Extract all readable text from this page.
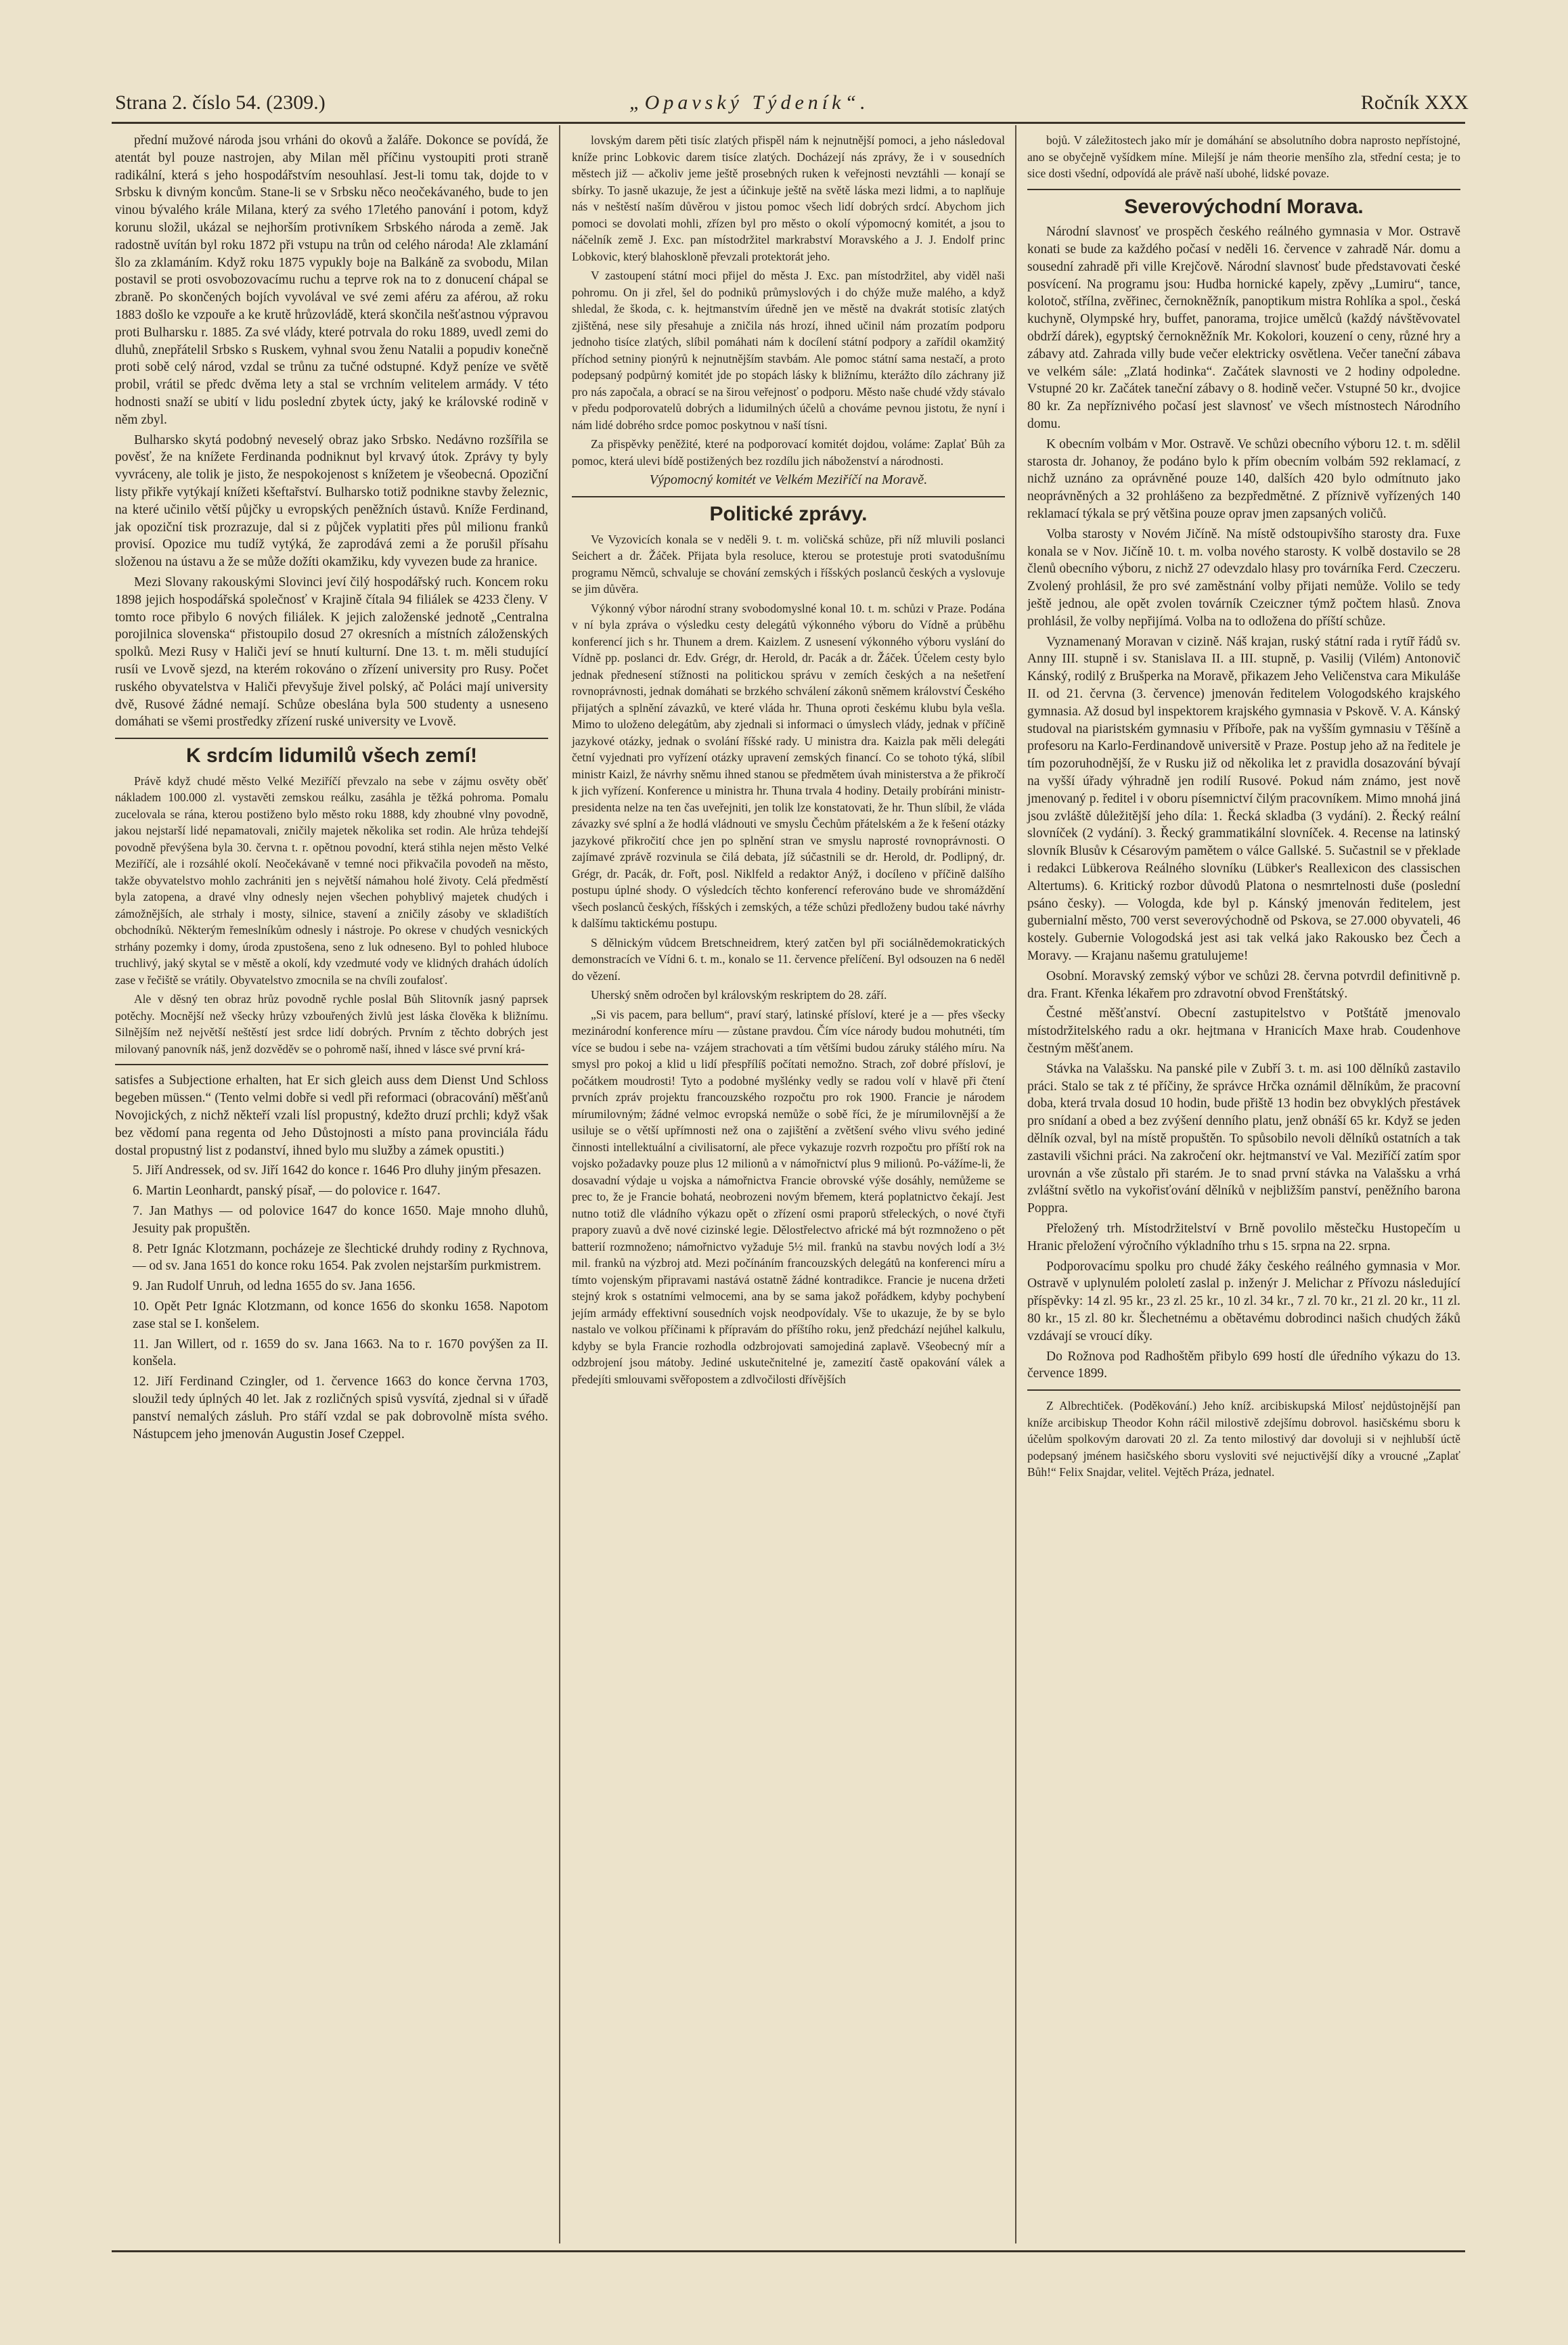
Strana 2. číslo 54. (2309.)	„Opavský Týdeník“.	Ročník XXX

přední mužové národa jsou vrháni do okovů a žaláře. Dokonce se povídá, že atentát byl pouze nastrojen, aby Milan měl příčinu vystoupiti proti straně radikální, která s jeho hospodářstvím nesouhlasí. Jest-li tomu tak, dojde to v Srbsku k divným koncům. Stane-li se v Srbsku něco neočekávaného, bude to jen vinou bývalého krále Milana, který za svého 17letého panování i potom, když korunu složil, ukázal se nejhorším protivníkem Srbského národa a země. Jak radostně uvítán byl roku 1872 při vstupu na trůn od celého národa! Ale zklamání šlo za zklamáním. Když roku 1875 vypukly boje na Balkáně za svobodu, Milan postavil se proti osvobozovacímu ruchu a teprve rok na to z donucení chápal se zbraně. Po skončených bojích vyvolával ve své zemi aféru za aférou, až roku 1883 došlo ke vzpouře a ke krutě hrůzovládě, která skončila nešťastnou výpravou proti Bulharsku r. 1885. Za své vlády, které potrvala do roku 1889, uvedl zemi do dluhů, znepřátelil Srbsko s Ruskem, vyhnal svou ženu Natalii a popudiv konečně proti sobě celý národ, vzdal se trůnu za tučné odstupné. Když peníze ve světě probil, vrátil se předc dvěma lety a stal se vrchním velitelem armády. V této hodnosti snaží se ubití v lidu poslední zbytek úcty, jaký ke královské rodině v něm zbyl.

Bulharsko skytá podobný neveselý obraz jako Srbsko. Nedávno rozšířila se pověsť, že na knížete Ferdinanda podniknut byl krvavý útok. Zprávy ty byly vyvráceny, ale tolik je jisto, že nespokojenost s knížetem je všeobecná. Opoziční listy přikře vytýkají knížeti kšeftařství. Bulharsko totiž podnikne stavby železnic, na které učinilo větší půjčky u evropských peněžních ústavů. Kníže Ferdinand, jak opoziční tisk prozrazuje, dal si z půjček vyplatiti přes půl milionu franků provisí. Opozice mu tudíž vytýká, že zaprodává zemi a že porušil přísahu složenou na ústavu a že se může dožíti okamžiku, kdy vyvezen bude za hranice.

Mezi Slovany rakouskými Slovinci jeví čilý hospodářský ruch. Koncem roku 1898 jejich hospodářská společnosť v Krajině čítala 94 filiálek se 4233 členy. V tomto roce přibylo 6 nových filiálek. K jejich založenské jednotě „Centralna porojilnica slovenska“ přistoupilo dosud 27 okresních a místních záloženských spolků. Mezi Rusy v Haliči jeví se hnutí kulturní. Dne 13. t. m. měli studující rusíi ve Lvově sjezd, na kterém rokováno o zřízení university pro Rusy. Počet ruského obyvatelstva v Haliči převyšuje živel polský, ač Poláci mají university dvě, Rusové žádné nemají. Schůze obeslána byla 500 studenty a usneseno domáhati se všemi prostředky zřízení ruské university ve Lvově.

K srdcím lidumilů všech zemí!

Právě když chudé město Velké Meziříčí převzalo na sebe v zájmu osvěty oběť nákladem 100.000 zl. vystavěti zemskou reálku, zasáhla je těžká pohroma. Pomalu zucelovala se rána, kterou postiženo bylo město roku 1888, kdy zhoubné vlny povodně, jakou nejstarší lidé nepamatovali, zničily majetek několika set rodin. Ale hrůza tehdejší povodně převýšena byla 30. června t. r. opětnou povodní, která stihla nejen město Velké Meziříčí, ale i rozsáhlé okolí. Neočekávaně v temné noci přikvačila povodeň na město, takže obyvatelstvo mohlo zachrániti jen s největší námahou holé životy. Celá předměstí byla zatopena, a dravé vlny odnesly nejen všechen pohyblivý majetek chudých i zámožnějších, ale strhaly i mosty, silnice, stavení a zničily zásoby ve skladištích obchodníků. Některým řemeslníkům odnesly i nástroje. Po okrese v chudých vesnických strhány pozemky i domy, úroda zpustošena, seno z luk odneseno. Byl to pohled hluboce truchlivý, jaký skytal se v městě a okolí, kdy vzedmuté vody ve klidných drahách údolích zase v řečiště se vrátily. Obyvatelstvo zmocnila se na chvíli zoufalosť.

Ale v děsný ten obraz hrůz povodně rychle poslal Bůh Slitovník jasný paprsek potěchy. Mocnější než všecky hrůzy vzbouřených živlů jest láska člověka k bližnímu. Silnějším než největší neštěstí jest srdce lidí dobrých. Prvním z těchto dobrých jest milovaný panovník náš, jenž dozvěděv se o pohromě naší, ihned v lásce své první krá-

satisfes a Subjectione erhalten, hat Er sich gleich auss dem Dienst Und Schloss begeben müssen.“ (Tento velmi dobře si vedl při reformaci (obracování) měšťanů Novojických, z nichž někteří vzali lísl propustný, kdežto druzí prchli; když však bez vědomí pana regenta od Jeho Důstojnosti a místo pana provinciála řádu dostal propustný list z podanství, ihned bylo mu služby a zámek opustiti.)

5. Jiří Andressek, od sv. Jiří 1642 do konce r. 1646 Pro dluhy jiným přesazen.

6. Martin Leonhardt, panský písař, — do polovice r. 1647.

7. Jan Mathys — od polovice 1647 do konce 1650. Maje mnoho dluhů, Jesuity pak propuštěn.

8. Petr Ignác Klotzmann, pocházeje ze šlechtické druhdy rodiny z Rychnova, — od sv. Jana 1651 do konce roku 1654. Pak zvolen nejstarším purkmistrem.

9. Jan Rudolf Unruh, od ledna 1655 do sv. Jana 1656.

10. Opět Petr Ignác Klotzmann, od konce 1656 do skonku 1658. Napotom zase stal se I. konšelem.

11. Jan Willert, od r. 1659 do sv. Jana 1663. Na to r. 1670 povýšen za II. konšela.

12. Jiří Ferdinand Czingler, od 1. července 1663 do konce června 1703, sloužil tedy úplných 40 let. Jak z rozličných spisů vysvítá, zjednal si v úřadě panství nemalých zásluh. Pro stáří vzdal se pak dobrovolně místa svého. Nástupcem jeho jmenován Augustin Josef Czeppel.

lovským darem pěti tisíc zlatých přispěl nám k nejnutnější pomoci, a jeho následoval kníže princ Lobkovic darem tisíce zlatých. Docházejí nás zprávy, že i v sousedních městech již — ačkoliv jeme ještě prosebných ruken k veřejnosti nevztáhli — konají se sbírky. To jasně ukazuje, že jest a účinkuje ještě na světě láska mezi lidmi, a to naplňuje nás v neštěstí naším důvěrou v jistou pomoc všech lidí dobrých srdcí. Abychom jich pomoci se dovolati mohli, zřízen byl pro město o okolí výpomocný komitét, a jsou to náčelník země J. Exc. pan místodržitel markrabství Moravského a J. J. Endolf princ Lobkovic, který blahoskloně převzali protektorát jeho.

V zastoupení státní moci přijel do města J. Exc. pan místodržitel, aby viděl naši pohromu. On ji zřel, šel do podniků průmyslových i do chýže muže malého, a když shledal, že škoda, c. k. hejtmanstvím úředně jen ve městě na dvakrát stotisíc zlatých zjištěná, nese sily přesahuje a zničila nás hrozí, ihned učinil nám prozatím podporu jednoho tisíce zlatých, slíbil pomáhati nám k docílení státní podpory a zařídil okamžitý příchod setniny pionýrů k nejnutnějším stavbám. Ale pomoc státní sama nestačí, a proto podepsaný podpůrný komitét jde po stopách lásky k bližnímu, kterážto dílo záchrany již pro nás započala, a obrací se na širou veřejnosť o podporu. Město naše chudé vždy stávalo v předu podporovatelů dobrých a lidumilných účelů a chováme pevnou jistotu, že nyní i nám lidé dobrého srdce pomoc poskytnou v naší tísni.

Za přispěvky peněžité, které na podporovací komitét dojdou, voláme: Zaplať Bůh za pomoc, která ulevi bídě postižených bez rozdílu jich náboženství a národnosti.

Výpomocný komitét ve Velkém Meziříčí na Moravě.

Politické zprávy.

Ve Vyzovicích konala se v neděli 9. t. m. voličská schůze, při níž mluvili poslanci Seichert a dr. Žáček. Přijata byla resoluce, kterou se protestuje proti svatodušnímu programu Němců, schvaluje se chování zemských i říšských poslanců českých a vyslovuje se jim důvěra.

Výkonný výbor národní strany svobodomyslné konal 10. t. m. schůzi v Praze. Podána v ní byla zpráva o výsledku cesty delegátů výkonného výboru do Vídně a průběhu konferencí jich s hr. Thunem a drem. Kaizlem. Z usnesení výkonného výboru vyslání do Vídně pp. poslanci dr. Edv. Grégr, dr. Herold, dr. Pacák a dr. Žáček. Účelem cesty bylo jednak přednesení stížnosti na politickou správu v zemích českých a na nešetření rovnoprávnosti, jednak domáhati se brzkého schválení zákonů sněmem království Českého přijatých a splnění závazků, ve které vláda hr. Thuna oproti českému klubu byla vešla. Mimo to uloženo delegátům, aby zjednali si informaci o úmyslech vlády, jednak v příčině jazykové otázky, jednak o svolání říšské rady. U ministra dra. Kaizla pak měli delegáti četní vyjednati pro vyřízení otázky upravení zemských financí. Co se tohoto týká, slíbil ministr Kaizl, že návrhy sněmu ihned stanou se předmětem úvah ministerstva a že přikročí k jich vyřízení. Konference u ministra hr. Thuna trvala 4 hodiny. Detaily probíráni ministr-presidenta nelze na ten čas uveřejniti, jen tolik lze konstatovati, že hr. Thun slíbil, že vláda závazky své splní a že hodlá vládnouti ve smyslu Čechům přátelském a že k řešení otázky jazykové přikročití chce jen po splnění stran ve smyslu naprosté rovnoprávnosti. O zajímavé zprávě rozvinula se čilá debata, jíž súčastnili se dr. Herold, dr. Podlipný, dr. Grégr, dr. Pacák, dr. Fořt, posl. Niklfeld a redaktor Anýž, i docíleno v příčině dalšího postupu úplné shody. O výsledcích těchto konferencí referováno bude ve shromáždění všech poslanců českých, říšských i zemských, a téže schůzi předloženy budou také návrhy k dalšímu taktickému postupu.

S dělnickým vůdcem Bretschneidrem, který zatčen byl při sociálnědemokratických demonstracích ve Vídni 6. t. m., konalo se 11. července přelíčení. Byl odsouzen na 6 neděl do vězení.

Uherský sněm odročen byl královským reskriptem do 28. září.

„Si vis pacem, para bellum“, praví starý, latinské přísloví, které je a — přes všecky mezinárodní konference míru — zůstane pravdou. Čím více národy budou mohutnéti, tím více se budou i sebe na- vzájem strachovati a tím většími budou záruky stálého míru. Na smysl pro pokoj a klid u lidí přespřílíš počítati nemožno. Strach, zoř dobré přísloví, je počátkem moudrosti! Tyto a podobné myšlénky vedly se radou volí v hlavě při čtení prvních zpráv projektu francouzského rozpočtu pro rok 1900. Francie je národem mírumilovným; žádné velmoc evropská nemůže o sobě říci, že je mírumilovnější a že usiluje se o větší upřímnosti než ona o zajištění a zvětšení svého vlivu svého jediné činnosti intellektuální a civilisatorní, ale přece vykazuje rozvrh rozpočtu pro příští rok na vojsko požadavky pouze plus 12 milionů a v námořnictví plus 9 milionů. Po-vážíme-li, že dosavadní výdaje u vojska a námořnictva Francie obrovské výše dosáhly, nemůžeme se prec to, že je Francie bohatá, neobrozeni novým břemem, která poplatnictvo čekají. Jest nutno totiž dle vládního výkazu opět o zřízení osmi praporů střeleckých, o nové čtyři prapory zuavů a dvě nové cizinské legie. Dělostřelectvo africké má být rozmnoženo o pět batterií rozmnoženo; námořnictvo vyžaduje 5½ mil. franků na stavbu nových lodí a 3½ mil. franků na výzbroj atd. Mezi počínáním francouzských delegátů na konferenci míru a tímto vojenským připravami nastává ostatně žádné kontradikce. Francie je nucena držeti stejný krok s ostatními velmocemi, ana by se sama jakož pořádkem, kdyby pochybení jejím armády effektivní sousedních vojsk neodpovídaly. Vše to ukazuje, že by se bylo nastalo ve volkou příčinami k přípravám do příštího roku, jenž předchází nejúhel kalkulu, kdyby se byla Francie rozhodla odzbrojovati samojediná zaplavě. Všeobecný mír a odzbrojení jsou mátoby. Jediné uskutečnitelné je, zamezití častě opakování válek a předejíti smlouvami svěřopostem a zdlvočilosti dřívějších

bojů. V záležitostech jako mír je domáhání se absolutního dobra naprosto nepřístojné, ano se obyčejně vyšídkem míne. Milejší je nám theorie menšího zla, střední cesta; je to sice dosti všední, odpovídá ale právě naší ubohé, lidské povaze.

Severovýchodní Morava.

Národní slavnosť ve prospěch českého reálného gymnasia v Mor. Ostravě konati se bude za každého počasí v neděli 16. července v zahradě Nár. domu a sousední zahradě při ville Krejčově. Národní slavnosť bude představovati české posvícení. Na programu jsou: Hudba hornické kapely, zpěvy „Lumiru“, tance, kolotoč, střílna, zvěřinec, černokněžník, panoptikum mistra Rohlíka a spol., česká kuchyně, Olympské hry, buffet, panorama, trojice umělců (každý návštěvovatel obdrží dárek), egyptský černokněžník Mr. Kokolori, kouzení o ceny, různé hry a zábavy atd. Zahrada villy bude večer elektricky osvětlena. Večer taneční zábava ve velkém sále: „Zlatá hodinka“. Začátek slavnosti ve 2 hodiny odpoledne. Vstupné 20 kr. Začátek taneční zábavy o 8. hodině večer. Vstupné 50 kr., dvojice 80 kr. Za nepříznivého počasí jest slavnosť ve všech místnostech Národního domu.

K obecním volbám v Mor. Ostravě. Ve schůzi obecního výboru 12. t. m. sdělil starosta dr. Johanoy, že podáno bylo k přím obecním volbám 592 reklamací, z nichž uznáno za oprávněné pouze 140, dalších 420 bylo odmítnuto jako neoprávněných a 32 prohlášeno za bezpředmětné. Z příznivě vyřízených 140 reklamací týkala se prý většina pouze oprav jmen zapsaných voličů.

Volba starosty v Novém Jičíně. Na místě odstoupivšího starosty dra. Fuxe konala se v Nov. Jičíně 10. t. m. volba nového starosty. K volbě dostavilo se 28 členů obecního výboru, z nichž 27 odevzdalo hlasy pro továrníka Ferd. Czeczeru. Zvolený prohlásil, že pro své zaměstnání volby přijati nemůže. Volilo se tedy ještě jednou, ale opět zvolen továrník Czeiczner týmž počtem hlasů. Znova prohlásil, že volby nepřijímá. Volba na to odložena do příští schůze.

Vyznamenaný Moravan v cizině. Náš krajan, ruský státní rada i rytíř řádů sv. Anny III. stupně i sv. Stanislava II. a III. stupně, p. Vasilij (Vilém) Antonovič Kánský, rodilý z Brušperka na Moravě, přikazem Jeho Veličenstva cara Mikuláše II. od 21. června (3. července) jmenován ředitelem Vologodského krajského gymnasia. Až dosud byl inspektorem krajského gymnasia v Pskově. V. A. Kánský studoval na piaristském gymnasiu v Příboře, pak na vyšším gymnasiu v Těšíně a profesoru na Karlo-Ferdinandově universitě v Praze. Postup jeho až na ředitele je tím pozoruhodnější, že v Rusku již od několika let z pravidla dosazování bývají na vyšší úřady výhradně jen rodilí Rusové. Pokud nám známo, jest nově jmenovaný p. ředitel i v oboru písemnictví čilým pracovníkem. Mimo mnohá jiná jsou zvláště důležitější jeho díla: 1. Řecká skladba (3 vydání). 2. Řecký reální slovníček (2 vydání). 3. Řecký grammatikální slovníček. 4. Recense na latinský slovník Blusův k Césarovým pamětem o válce Gallské. 5. Sučastnil se v překlade i redakci Lübkerova Reálného slovníku (Lübker's Reallexicon des classischen Altertums). 6. Kritický rozbor důvodů Platona o nesmrtelnosti duše (poslední psáno česky). — Vologda, kde byl p. Kánský jmenován ředitelem, jest gubernialní město, 700 verst severovýchodně od Pskova, se 27.000 obyvateli, 46 kostely. Gubernie Vologodská jest asi tak velká jako Rakousko bez Čech a Moravy. — Krajanu našemu gratulujeme!

Osobní. Moravský zemský výbor ve schůzi 28. června potvrdil definitivně p. dra. Frant. Křenka lékařem pro zdravotní obvod Frenštátský.

Čestné měšťanství. Obecní zastupitelstvo v Potštátě jmenovalo místodržitelského radu a okr. hejtmana v Hranicích Maxe hrab. Coudenhove čestným měšťanem.

Stávka na Valašsku. Na panské pile v Zubří 3. t. m. asi 100 dělníků zastavilo práci. Stalo se tak z té příčiny, že správce Hrčka oznámil dělníkům, že pracovní doba, která trvala dosud 10 hodin, bude přiště 13 hodin bez obvyklých přestávek pro snídaní a obed a bez zvýšení denního platu, jenž obnáší 65 kr. Když se jeden dělník ozval, byl na místě propuštěn. To spůsobilo nevoli dělníků ostatních a tak zastavili všichni práci. Na zakročení okr. hejtmanství ve Val. Meziříčí zatím spor urovnán a vše zůstalo při starém. Je to snad první stávka na Valašsku a vrhá zvláštní světlo na vykořisťování dělníků v nejbližším panství, peněžního barona Poppra.

Přeložený trh. Místodržitelství v Brně povolilo městečku Hustopečím u Hranic přeložení výročního výkladního trhu s 15. srpna na 22. srpna.

Podporovacímu spolku pro chudé žáky českého reálného gymnasia v Mor. Ostravě v uplynulém pololetí zaslal p. inženýr J. Melichar z Přívozu následující příspěvky: 14 zl. 95 kr., 23 zl. 25 kr., 10 zl. 34 kr., 7 zl. 70 kr., 21 zl. 20 kr., 11 zl. 80 kr., 15 zl. 80 kr. Šlechetnému a obětavému dobrodinci našich chudých žáků vzdávají se vroucí díky.

Do Rožnova pod Radhoštěm přibylo 699 hostí dle úředního výkazu do 13. července 1899.

Z Albrechtiček. (Poděkování.) Jeho kníž. arcibiskupská Milosť nejdůstojnější pan kníže arcibiskup Theodor Kohn ráčil milostivě zdejšímu dobrovol. hasičskému sboru k účelům spolkovým darovati 20 zl. Za tento milostivý dar dovoluji si v nejhlubší úctě podepsaný jménem hasičského sboru vysloviti své nejuctivější díky a vroucné „Zaplať Bůh!“ Felix Snajdar, velitel. Vejtěch Práza, jednatel.
